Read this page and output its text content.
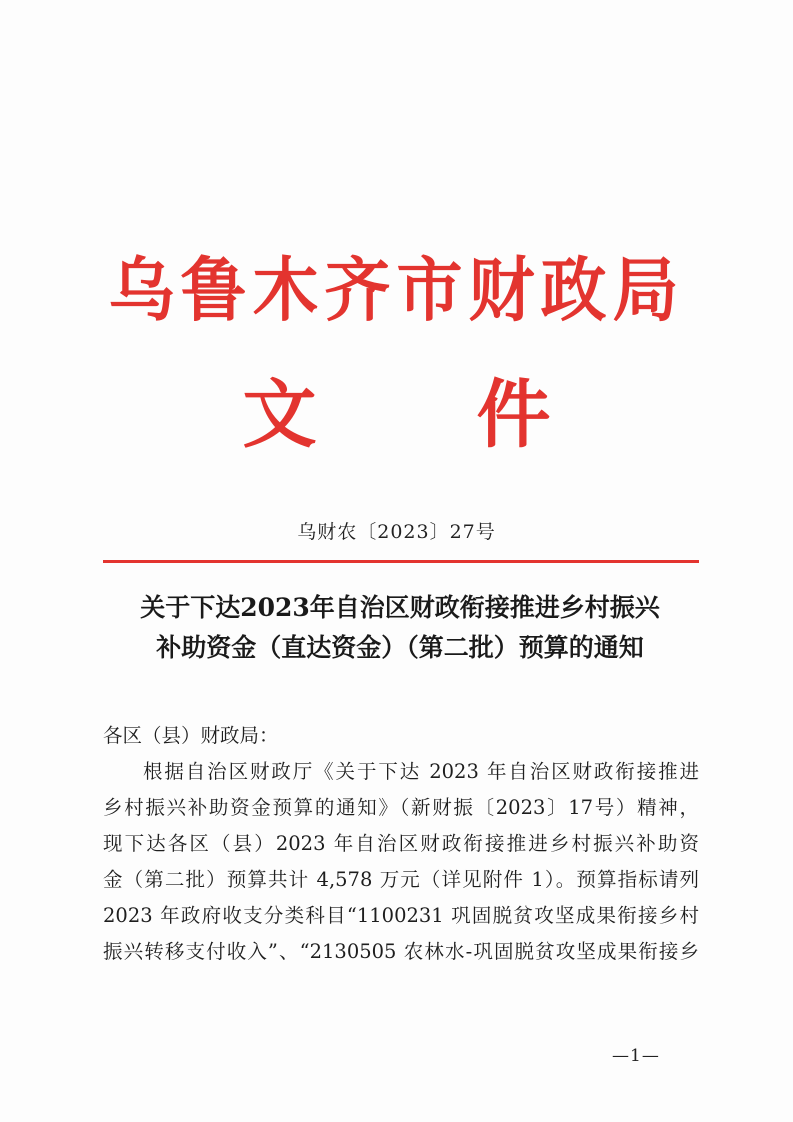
乌鲁木齐市财政局
文件
乌财农〔2023〕27号
关于下达2023年自治区财政衔接推进乡村振兴
补助资金（直达资金）（第二批）预算的通知

各区（县）财政局：

根据自治区财政厅《关于下达 2023 年自治区财政衔接推进
乡村振兴补助资金预算的通知》（新财振〔2023〕17号）精神，
现下达各区（县）2023 年自治区财政衔接推进乡村振兴补助资
金（第二批）预算共计 4,578 万元（详见附件 1）。预算指标请列
2023 年政府收支分类科目“1100231 巩固脱贫攻坚成果衔接乡村
振兴转移支付收入”、“2130505 农林水-巩固脱贫攻坚成果衔接乡

—1—
